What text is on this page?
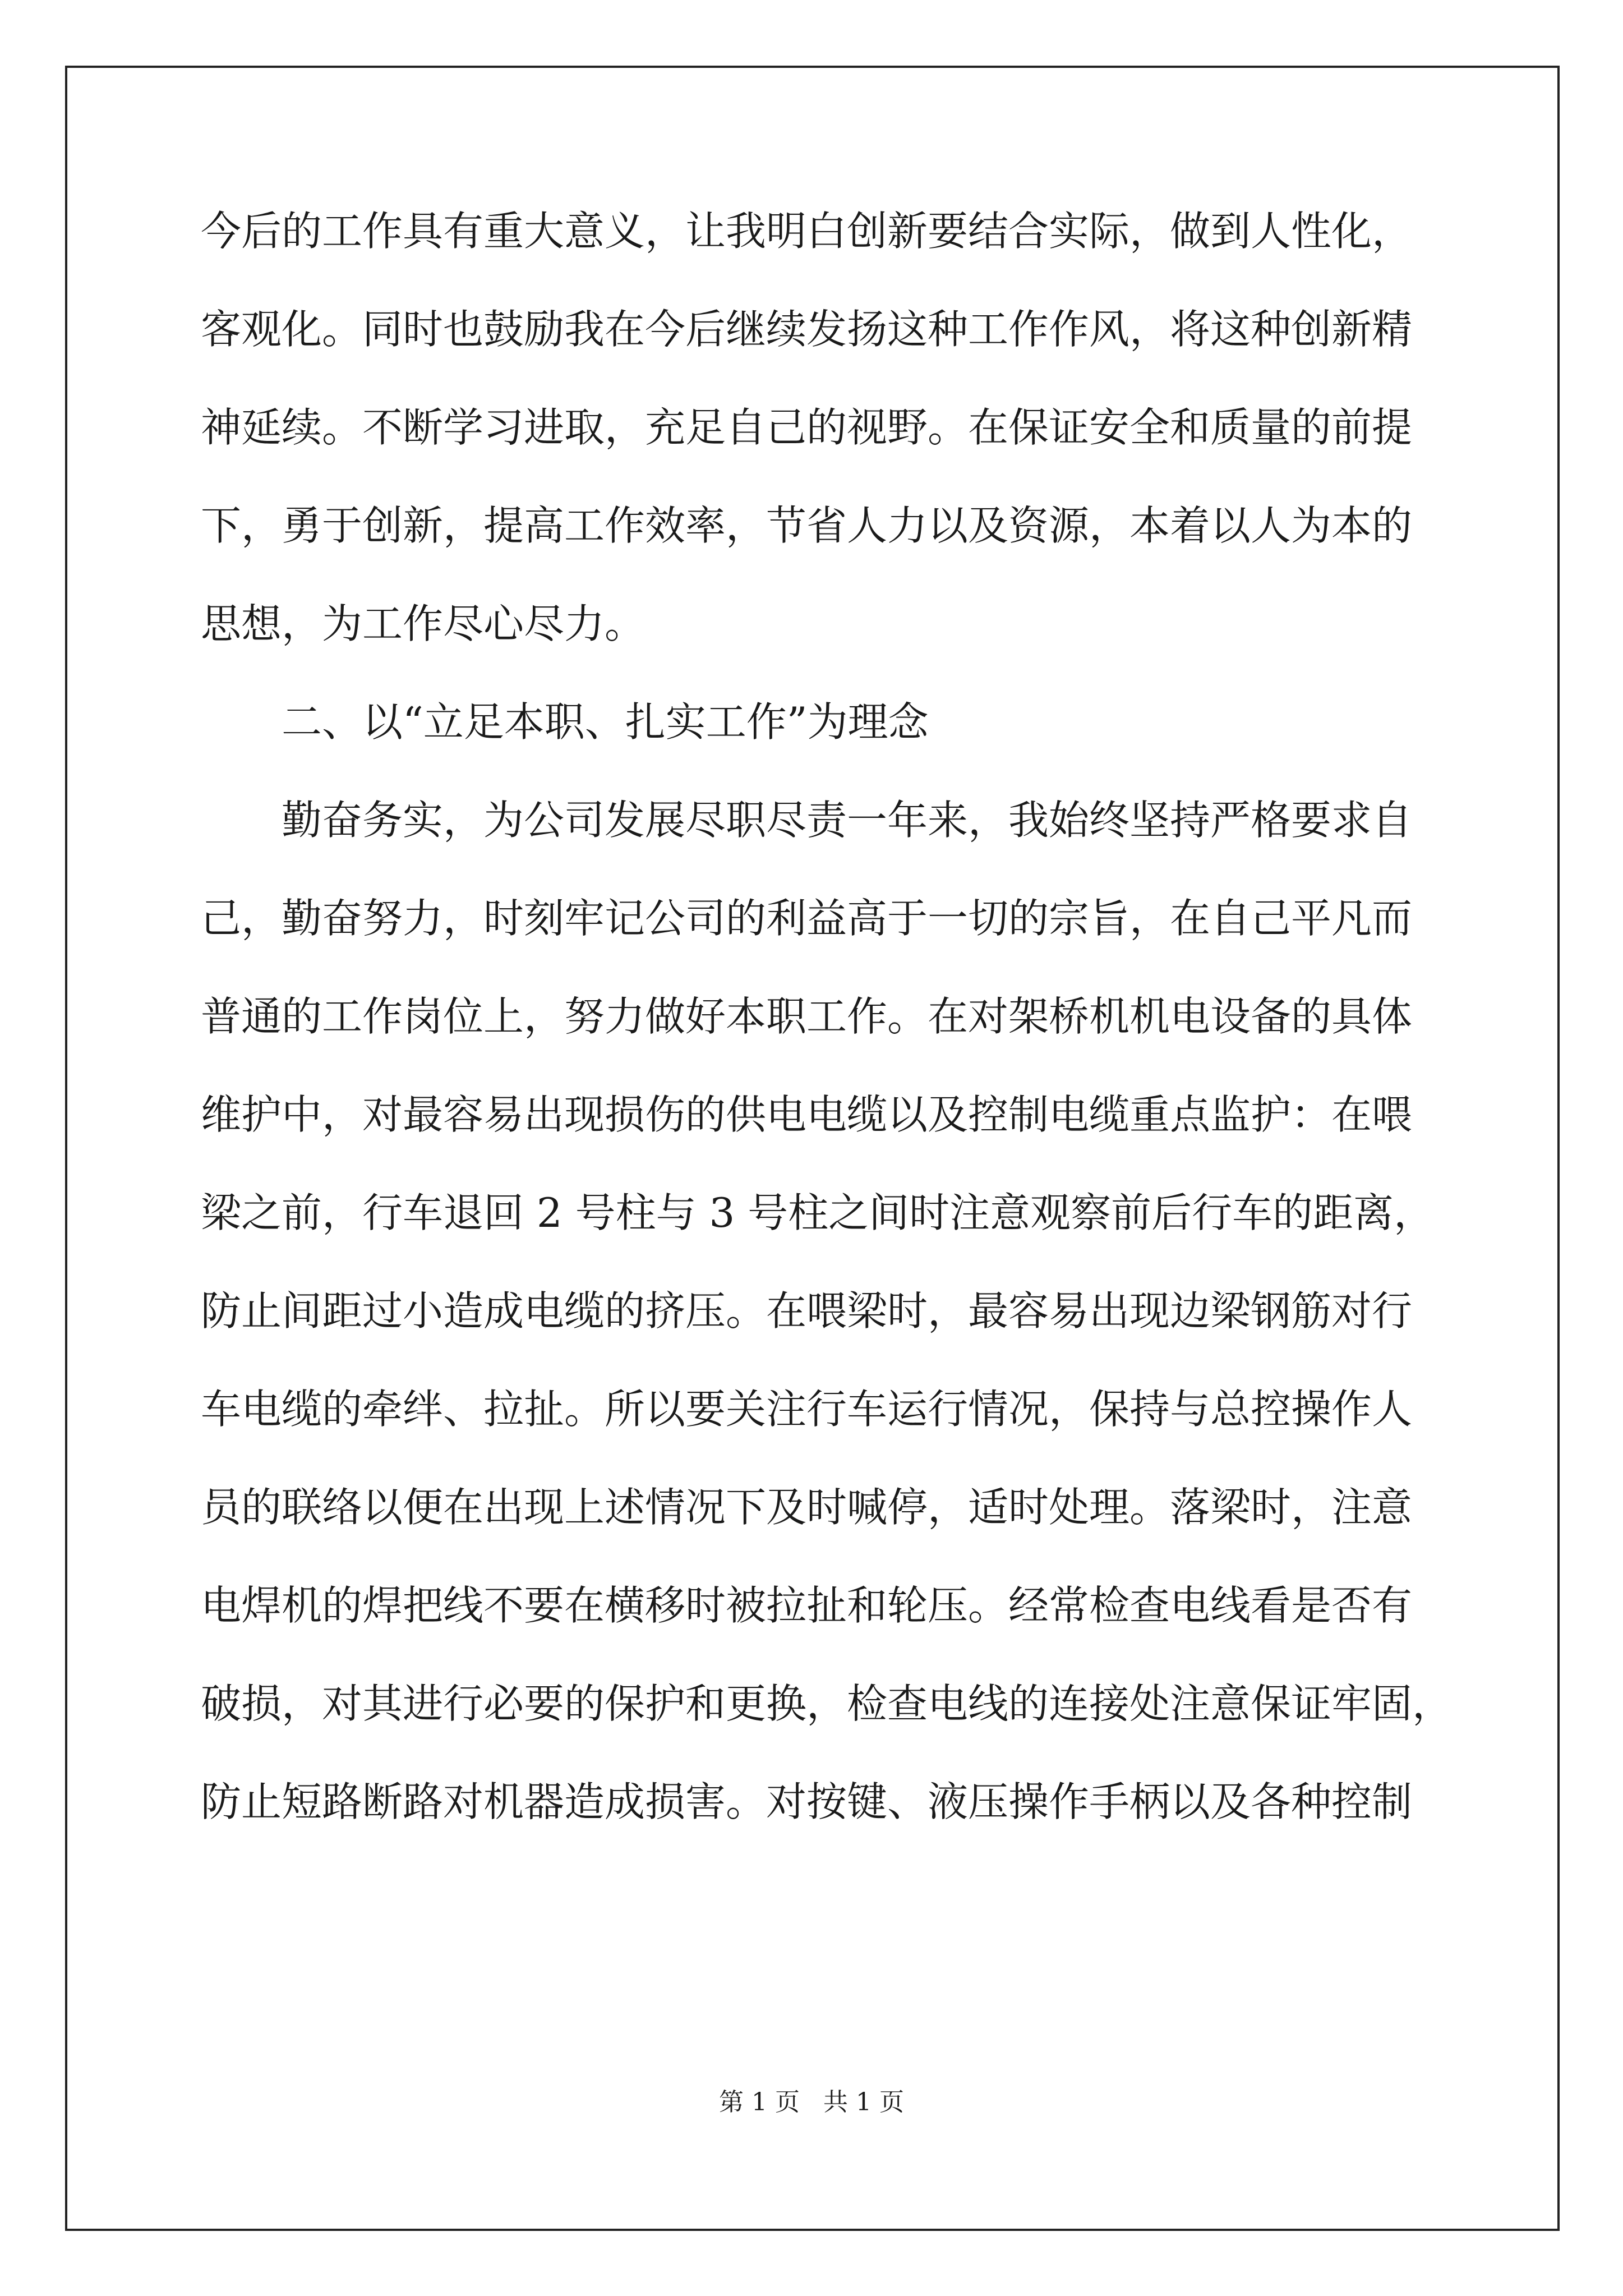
今后的工作具有重大意义，让我明白创新要结合实际，做到人性化，
客观化。同时也鼓励我在今后继续发扬这种工作作风，将这种创新精
神延续。不断学习进取，充足自己的视野。在保证安全和质量的前提
下，勇于创新，提高工作效率，节省人力以及资源，本着以人为本的
思想，为工作尽心尽力。
二、以“立足本职、扎实工作”为理念
勤奋务实，为公司发展尽职尽责一年来，我始终坚持严格要求自
己，勤奋努力，时刻牢记公司的利益高于一切的宗旨，在自己平凡而
普通的工作岗位上，努力做好本职工作。在对架桥机机电设备的具体
维护中，对最容易出现损伤的供电电缆以及控制电缆重点监护：在喂
梁之前，行车退回 2 号柱与 3 号柱之间时注意观察前后行车的距离，
防止间距过小造成电缆的挤压。在喂梁时，最容易出现边梁钢筋对行
车电缆的牵绊、拉扯。所以要关注行车运行情况，保持与总控操作人
员的联络以便在出现上述情况下及时喊停，适时处理。落梁时，注意
电焊机的焊把线不要在横移时被拉扯和轮压。经常检查电线看是否有
破损，对其进行必要的保护和更换，检查电线的连接处注意保证牢固，
防止短路断路对机器造成损害。对按键、液压操作手柄以及各种控制
第 1 页   共 1 页
